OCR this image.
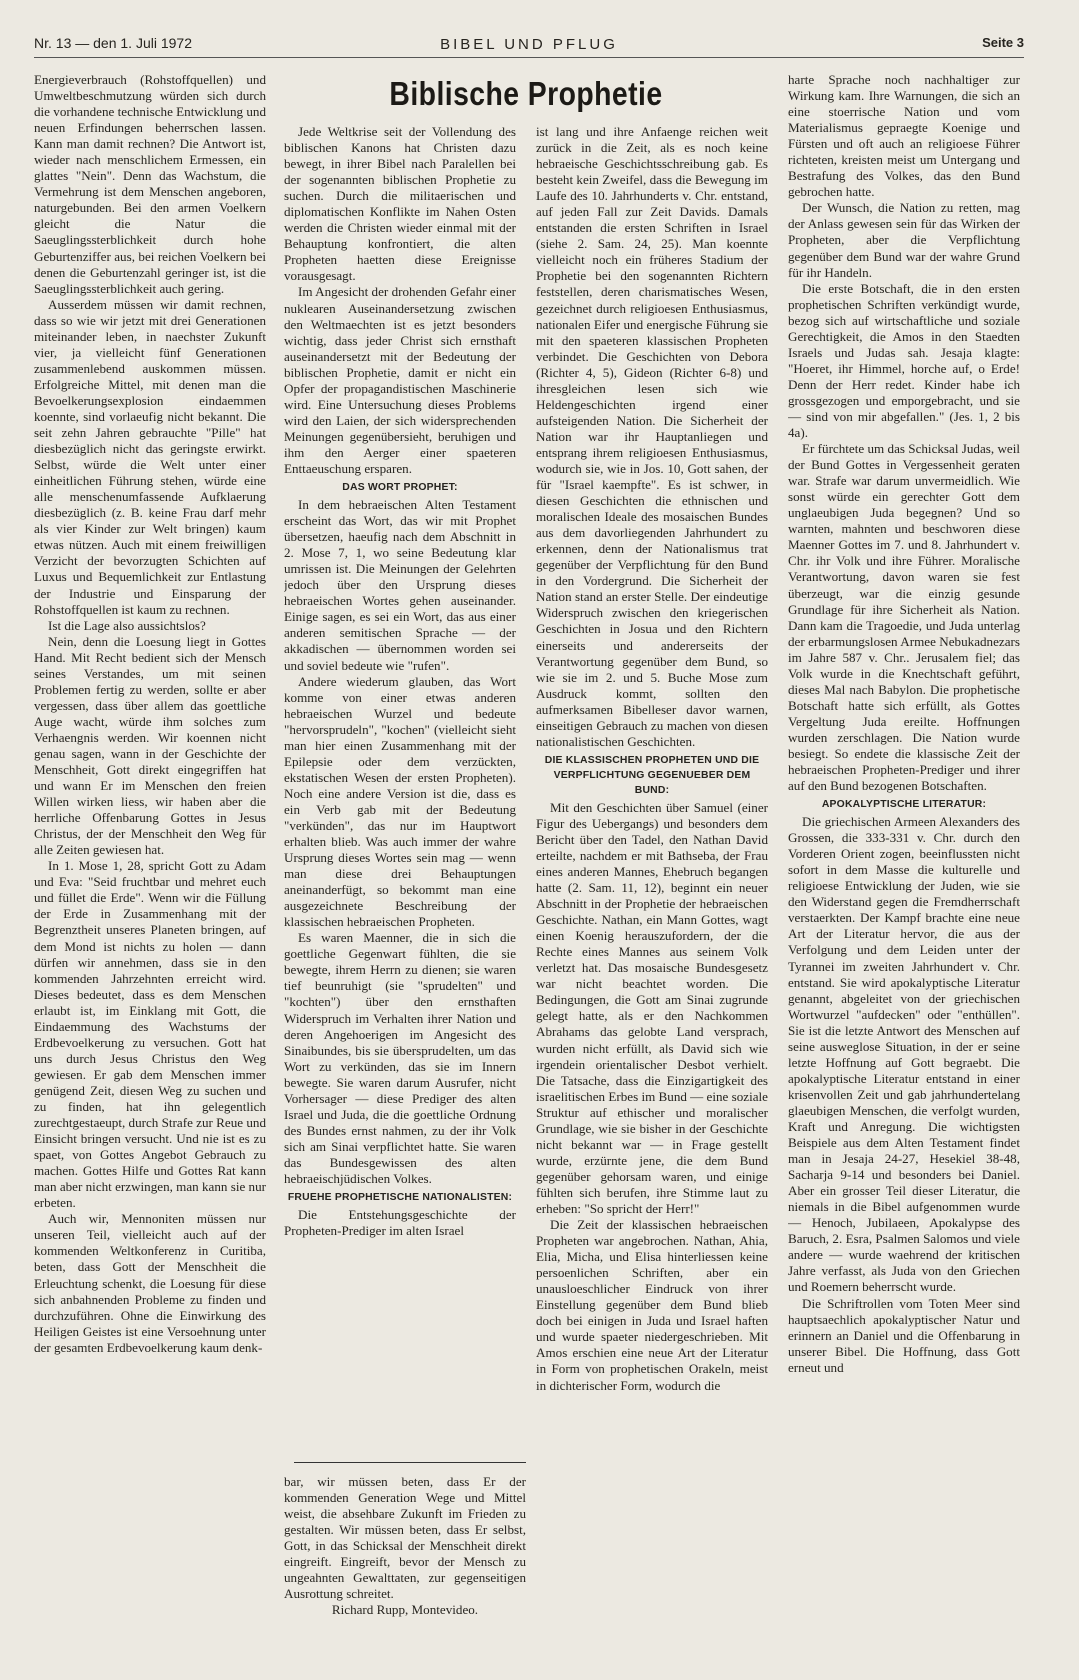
Nr. 13 — den 1. Juli 1972	BIBEL UND PFLUG	Seite 3

Energieverbrauch (Rohstoffquellen) und Umweltbeschmutzung würden sich durch die vorhandene technische Entwicklung und neuen Erfindungen beherrschen lassen. Kann man damit rechnen? Die Antwort ist, wieder nach menschlichem Ermessen, ein glattes "Nein". Denn das Wachstum, die Vermehrung ist dem Menschen angeboren, naturgebunden. Bei den armen Voelkern gleicht die Natur die Saeuglingssterblichkeit durch hohe Geburtenziffer aus, bei reichen Voelkern bei denen die Geburtenzahl geringer ist, ist die Saeuglingssterblichkeit auch gering.

Ausserdem müssen wir damit rechnen, dass so wie wir jetzt mit drei Generationen miteinander leben, in naechster Zukunft vier, ja vielleicht fünf Generationen zusammenlebend auskommen müssen. Erfolgreiche Mittel, mit denen man die Bevoelkerungsexplosion eindaemmen koennte, sind vorlaeufig nicht bekannt. Die seit zehn Jahren gebrauchte "Pille" hat diesbezüglich nicht das geringste erwirkt. Selbst, würde die Welt unter einer einheitlichen Führung stehen, würde eine alle menschenumfassende Aufklaerung diesbezüglich (z. B. keine Frau darf mehr als vier Kinder zur Welt bringen) kaum etwas nützen. Auch mit einem freiwilligen Verzicht der bevorzugten Schichten auf Luxus und Bequemlichkeit zur Entlastung der Industrie und Einsparung der Rohstoffquellen ist kaum zu rechnen.

Ist die Lage also aussichtslos?

Nein, denn die Loesung liegt in Gottes Hand. Mit Recht bedient sich der Mensch seines Verstandes, um mit seinen Problemen fertig zu werden, sollte er aber vergessen, dass über allem das goettliche Auge wacht, würde ihm solches zum Verhaengnis werden. Wir koennen nicht genau sagen, wann in der Geschichte der Menschheit, Gott direkt eingegriffen hat und wann Er im Menschen den freien Willen wirken liess, wir haben aber die herrliche Offenbarung Gottes in Jesus Christus, der der Menschheit den Weg für alle Zeiten gewiesen hat.

In 1. Mose 1, 28, spricht Gott zu Adam und Eva: "Seid fruchtbar und mehret euch und füllet die Erde". Wenn wir die Füllung der Erde in Zusammenhang mit der Begrenztheit unseres Planeten bringen, auf dem Mond ist nichts zu holen — dann dürfen wir annehmen, dass sie in den kommenden Jahrzehnten erreicht wird. Dieses bedeutet, dass es dem Menschen erlaubt ist, im Einklang mit Gott, die Eindaemmung des Wachstums der Erdbevoelkerung zu versuchen. Gott hat uns durch Jesus Christus den Weg gewiesen. Er gab dem Menschen immer genügend Zeit, diesen Weg zu suchen und zu finden, hat ihn gelegentlich zurechtgestaeupt, durch Strafe zur Reue und Einsicht bringen versucht. Und nie ist es zu spaet, von Gottes Angebot Gebrauch zu machen. Gottes Hilfe und Gottes Rat kann man aber nicht erzwingen, man kann sie nur erbeten.

Auch wir, Mennoniten müssen nur unseren Teil, vielleicht auch auf der kommenden Weltkonferenz in Curitiba, beten, dass Gott der Menschheit die Erleuchtung schenkt, die Loesung für diese sich anbahnenden Probleme zu finden und durchzuführen. Ohne die Einwirkung des Heiligen Geistes ist eine Versoehnung unter der gesamten Erdbevoelkerung kaum denk-

Biblische Prophetie

Jede Weltkrise seit der Vollendung des biblischen Kanons hat Christen dazu bewegt, in ihrer Bibel nach Paralellen bei der sogenannten biblischen Prophetie zu suchen. Durch die militaerischen und diplomatischen Konflikte im Nahen Osten werden die Christen wieder einmal mit der Behauptung konfrontiert, die alten Propheten haetten diese Ereignisse vorausgesagt.

Im Angesicht der drohenden Gefahr einer nuklearen Auseinandersetzung zwischen den Weltmaechten ist es jetzt besonders wichtig, dass jeder Christ sich ernsthaft auseinandersetzt mit der Bedeutung der biblischen Prophetie, damit er nicht ein Opfer der propagandistischen Maschinerie wird. Eine Untersuchung dieses Problems wird den Laien, der sich widersprechenden Meinungen gegenübersieht, beruhigen und ihm den Aerger einer spaeteren Enttaeuschung ersparen.

DAS WORT PROPHET:

In dem hebraeischen Alten Testament erscheint das Wort, das wir mit Prophet übersetzen, haeufig nach dem Abschnitt in 2. Mose 7, 1, wo seine Bedeutung klar umrissen ist. Die Meinungen der Gelehrten jedoch über den Ursprung dieses hebraeischen Wortes gehen auseinander. Einige sagen, es sei ein Wort, das aus einer anderen semitischen Sprache — der akkadischen — übernommen worden sei und soviel bedeute wie "rufen".

Andere wiederum glauben, das Wort komme von einer etwas anderen hebraeischen Wurzel und bedeute "hervorsprudeln", "kochen" (vielleicht sieht man hier einen Zusammenhang mit der Epilepsie oder dem verzückten, ekstatischen Wesen der ersten Propheten). Noch eine andere Version ist die, dass es ein Verb gab mit der Bedeutung "verkünden", das nur im Hauptwort erhalten blieb. Was auch immer der wahre Ursprung dieses Wortes sein mag — wenn man diese drei Behauptungen aneinanderfügt, so bekommt man eine ausgezeichnete Beschreibung der klassischen hebraeischen Propheten.

Es waren Maenner, die in sich die goettliche Gegenwart fühlten, die sie bewegte, ihrem Herrn zu dienen; sie waren tief beunruhigt (sie "sprudelten" und "kochten") über den ernsthaften Widerspruch im Verhalten ihrer Nation und deren Angehoerigen im Angesicht des Sinaibundes, bis sie übersprudelten, um das Wort zu verkünden, das sie im Innern bewegte. Sie waren darum Ausrufer, nicht Vorhersager — diese Prediger des alten Israel und Juda, die die goettliche Ordnung des Bundes ernst nahmen, zu der ihr Volk sich am Sinai verpflichtet hatte. Sie waren das Bundesgewissen des alten hebraeischjüdischen Volkes.

FRUEHE PROPHETISCHE NATIONALISTEN:

Die Entstehungsgeschichte der Propheten-Prediger im alten Israel

bar, wir müssen beten, dass Er der kommenden Generation Wege und Mittel weist, die absehbare Zukunft im Frieden zu gestalten. Wir müssen beten, dass Er selbst, Gott, in das Schicksal der Menschheit direkt eingreift. Eingreift, bevor der Mensch zu ungeahnten Gewalttaten, zur gegenseitigen Ausrottung schreitet.

Richard Rupp, Montevideo.

ist lang und ihre Anfaenge reichen weit zurück in die Zeit, als es noch keine hebraeische Geschichtsschreibung gab. Es besteht kein Zweifel, dass die Bewegung im Laufe des 10. Jahrhunderts v. Chr. entstand, auf jeden Fall zur Zeit Davids. Damals entstanden die ersten Schriften in Israel (siehe 2. Sam. 24, 25). Man koennte vielleicht noch ein früheres Stadium der Prophetie bei den sogenannten Richtern feststellen, deren charismatisches Wesen, gezeichnet durch religioesen Enthusiasmus, nationalen Eifer und energische Führung sie mit den spaeteren klassischen Propheten verbindet. Die Geschichten von Debora (Richter 4, 5), Gideon (Richter 6-8) und ihresgleichen lesen sich wie Heldengeschichten irgend einer aufsteigenden Nation. Die Sicherheit der Nation war ihr Hauptanliegen und entsprang ihrem religioesen Enthusiasmus, wodurch sie, wie in Jos. 10, Gott sahen, der für "Israel kaempfte". Es ist schwer, in diesen Geschichten die ethnischen und moralischen Ideale des mosaischen Bundes aus dem davorliegenden Jahrhundert zu erkennen, denn der Nationalismus trat gegenüber der Verpflichtung für den Bund in den Vordergrund. Die Sicherheit der Nation stand an erster Stelle. Der eindeutige Widerspruch zwischen den kriegerischen Geschichten in Josua und den Richtern einerseits und andererseits der Verantwortung gegenüber dem Bund, so wie sie im 2. und 5. Buche Mose zum Ausdruck kommt, sollten den aufmerksamen Bibelleser davor warnen, einseitigen Gebrauch zu machen von diesen nationalistischen Geschichten.

DIE KLASSISCHEN PROPHETEN UND DIE VERPFLICHTUNG GEGENUEBER DEM BUND:

Mit den Geschichten über Samuel (einer Figur des Uebergangs) und besonders dem Bericht über den Tadel, den Nathan David erteilte, nachdem er mit Bathseba, der Frau eines anderen Mannes, Ehebruch begangen hatte (2. Sam. 11, 12), beginnt ein neuer Abschnitt in der Prophetie der hebraeischen Geschichte. Nathan, ein Mann Gottes, wagt einen Koenig herauszufordern, der die Rechte eines Mannes aus seinem Volk verletzt hat. Das mosaische Bundesgesetz war nicht beachtet worden. Die Bedingungen, die Gott am Sinai zugrunde gelegt hatte, als er den Nachkommen Abrahams das gelobte Land versprach, wurden nicht erfüllt, als David sich wie irgendein orientalischer Desbot verhielt. Die Tatsache, dass die Einzigartigkeit des israelitischen Erbes im Bund — eine soziale Struktur auf ethischer und moralischer Grundlage, wie sie bisher in der Geschichte nicht bekannt war — in Frage gestellt wurde, erzürnte jene, die dem Bund gegenüber gehorsam waren, und einige fühlten sich berufen, ihre Stimme laut zu erheben: "So spricht der Herr!"

Die Zeit der klassischen hebraeischen Propheten war angebrochen. Nathan, Ahia, Elia, Micha, und Elisa hinterliessen keine persoenlichen Schriften, aber ein unausloeschlicher Eindruck von ihrer Einstellung gegenüber dem Bund blieb doch bei einigen in Juda und Israel haften und wurde spaeter niedergeschrieben. Mit Amos erschien eine neue Art der Literatur in Form von prophetischen Orakeln, meist in dichterischer Form, wodurch die

harte Sprache noch nachhaltiger zur Wirkung kam. Ihre Warnungen, die sich an eine stoerrische Nation und vom Materialismus gepraegte Koenige und Fürsten und oft auch an religioese Führer richteten, kreisten meist um Untergang und Bestrafung des Volkes, das den Bund gebrochen hatte.

Der Wunsch, die Nation zu retten, mag der Anlass gewesen sein für das Wirken der Propheten, aber die Verpflichtung gegenüber dem Bund war der wahre Grund für ihr Handeln.

Die erste Botschaft, die in den ersten prophetischen Schriften verkündigt wurde, bezog sich auf wirtschaftliche und soziale Gerechtigkeit, die Amos in den Staedten Israels und Judas sah. Jesaja klagte: "Hoeret, ihr Himmel, horche auf, o Erde! Denn der Herr redet. Kinder habe ich grossgezogen und emporgebracht, und sie — sind von mir abgefallen." (Jes. 1, 2 bis 4a).

Er fürchtete um das Schicksal Judas, weil der Bund Gottes in Vergessenheit geraten war. Strafe war darum unvermeidlich. Wie sonst würde ein gerechter Gott dem unglaeubigen Juda begegnen? Und so warnten, mahnten und beschworen diese Maenner Gottes im 7. und 8. Jahrhundert v. Chr. ihr Volk und ihre Führer. Moralische Verantwortung, davon waren sie fest überzeugt, war die einzig gesunde Grundlage für ihre Sicherheit als Nation. Dann kam die Tragoedie, und Juda unterlag der erbarmungslosen Armee Nebukadnezars im Jahre 587 v. Chr.. Jerusalem fiel; das Volk wurde in die Knechtschaft geführt, dieses Mal nach Babylon. Die prophetische Botschaft hatte sich erfüllt, als Gottes Vergeltung Juda ereilte. Hoffnungen wurden zerschlagen. Die Nation wurde besiegt. So endete die klassische Zeit der hebraeischen Propheten-Prediger und ihrer auf den Bund bezogenen Botschaften.

APOKALYPTISCHE LITERATUR:

Die griechischen Armeen Alexanders des Grossen, die 333-331 v. Chr. durch den Vorderen Orient zogen, beeinflussten nicht sofort in dem Masse die kulturelle und religioese Entwicklung der Juden, wie sie den Widerstand gegen die Fremdherrschaft verstaerkten. Der Kampf brachte eine neue Art der Literatur hervor, die aus der Verfolgung und dem Leiden unter der Tyrannei im zweiten Jahrhundert v. Chr. entstand. Sie wird apokalyptische Literatur genannt, abgeleitet von der griechischen Wortwurzel "aufdecken" oder "enthüllen". Sie ist die letzte Antwort des Menschen auf seine ausweglose Situation, in der er seine letzte Hoffnung auf Gott begraebt. Die apokalyptische Literatur entstand in einer krisenvollen Zeit und gab jahrhundertelang glaeubigen Menschen, die verfolgt wurden, Kraft und Anregung. Die wichtigsten Beispiele aus dem Alten Testament findet man in Jesaja 24-27, Hesekiel 38-48, Sacharja 9-14 und besonders bei Daniel. Aber ein grosser Teil dieser Literatur, die niemals in die Bibel aufgenommen wurde — Henoch, Jubilaeen, Apokalypse des Baruch, 2. Esra, Psalmen Salomos und viele andere — wurde waehrend der kritischen Jahre verfasst, als Juda von den Griechen und Roemern beherrscht wurde.

Die Schriftrollen vom Toten Meer sind hauptsaechlich apokalyptischer Natur und erinnern an Daniel und die Offenbarung in unserer Bibel. Die Hoffnung, dass Gott erneut und
